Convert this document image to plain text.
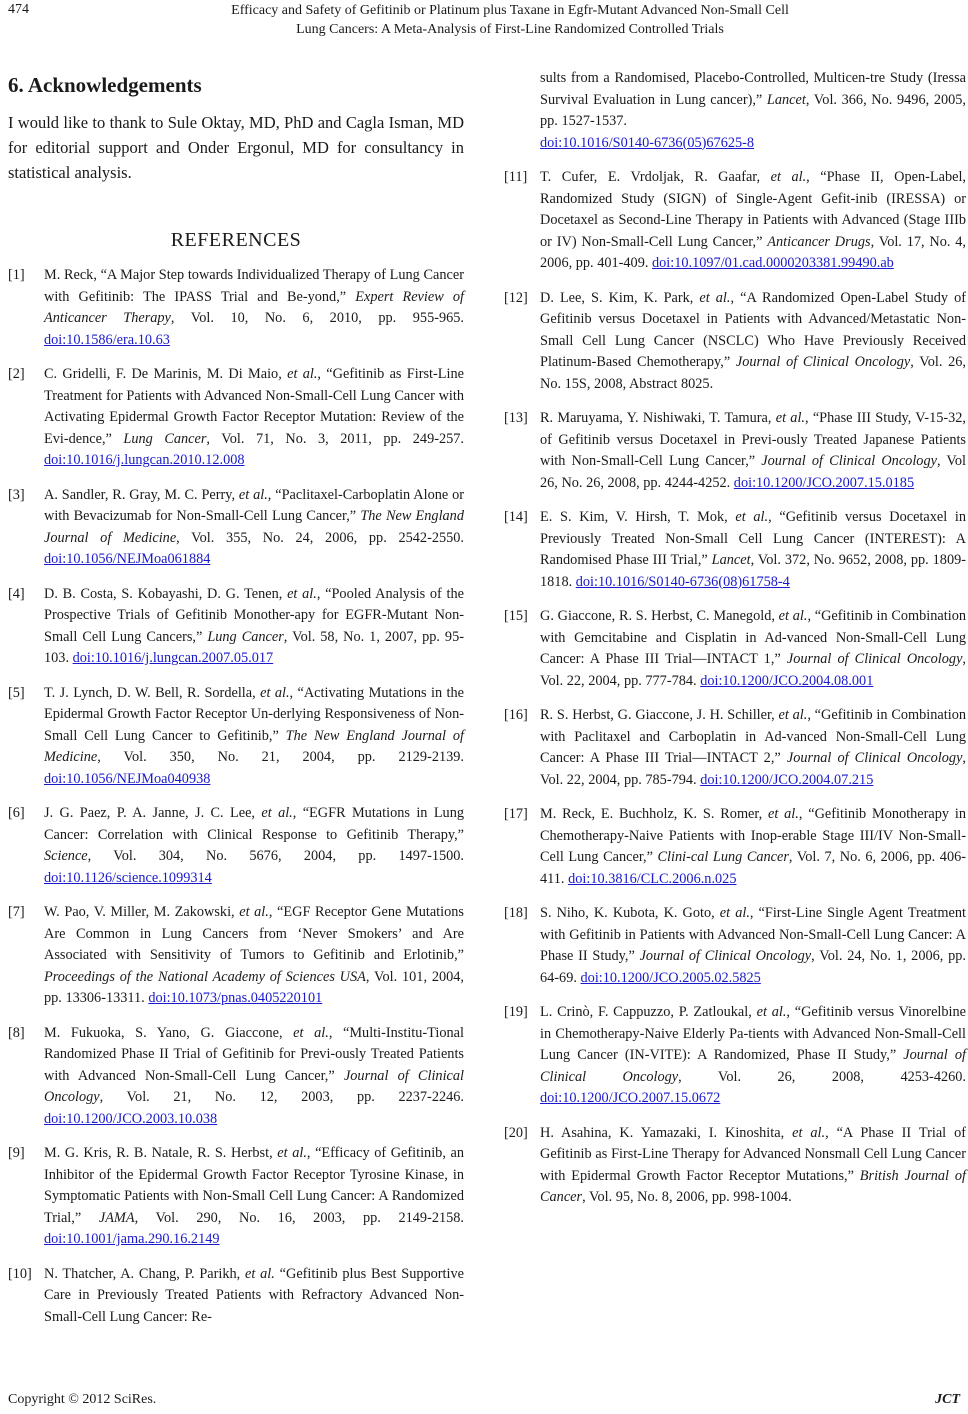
474	Efficacy and Safety of Gefitinib or Platinum plus Taxane in Egfr-Mutant Advanced Non-Small Cell
Lung Cancers: A Meta-Analysis of First-Line Randomized Controlled Trials
6. Acknowledgements

I would like to thank to Sule Oktay, MD, PhD and Cagla Isman, MD for editorial support and Onder Ergonul, MD for consultancy in statistical analysis.

REFERENCES
[1]	M. Reck, “A Major Step towards Individualized Therapy of Lung Cancer with Gefitinib: The IPASS Trial and Be-yond,” Expert Review of Anticancer Therapy, Vol. 10, No. 6, 2010, pp. 955-965. doi:10.1586/era.10.63
[2]	C. Gridelli, F. De Marinis, M. Di Maio, et al., “Gefitinib as First-Line Treatment for Patients with Advanced Non-Small-Cell Lung Cancer with Activating Epidermal Growth Factor Receptor Mutation: Review of the Evi-dence,” Lung Cancer, Vol. 71, No. 3, 2011, pp. 249-257. doi:10.1016/j.lungcan.2010.12.008
[3]	A. Sandler, R. Gray, M. C. Perry, et al., “Paclitaxel-Carboplatin Alone or with Bevacizumab for Non-Small-Cell Lung Cancer,” The New England Journal of Medicine, Vol. 355, No. 24, 2006, pp. 2542-2550. doi:10.1056/NEJMoa061884
[4]	D. B. Costa, S. Kobayashi, D. G. Tenen, et al., “Pooled Analysis of the Prospective Trials of Gefitinib Monother-apy for EGFR-Mutant Non-Small Cell Lung Cancers,” Lung Cancer, Vol. 58, No. 1, 2007, pp. 95-103. doi:10.1016/j.lungcan.2007.05.017
[5]	T. J. Lynch, D. W. Bell, R. Sordella, et al., “Activating Mutations in the Epidermal Growth Factor Receptor Un-derlying Responsiveness of Non-Small Cell Lung Cancer to Gefitinib,” The New England Journal of Medicine, Vol. 350, No. 21, 2004, pp. 2129-2139. doi:10.1056/NEJMoa040938
[6]	J. G. Paez, P. A. Janne, J. C. Lee, et al., “EGFR Mutations in Lung Cancer: Correlation with Clinical Response to Gefitinib Therapy,” Science, Vol. 304, No. 5676, 2004, pp. 1497-1500. doi:10.1126/science.1099314
[7]	W. Pao, V. Miller, M. Zakowski, et al., “EGF Receptor Gene Mutations Are Common in Lung Cancers from ‘Never Smokers’ and Are Associated with Sensitivity of Tumors to Gefitinib and Erlotinib,” Proceedings of the National Academy of Sciences USA, Vol. 101, 2004, pp. 13306-13311. doi:10.1073/pnas.0405220101
[8]	M. Fukuoka, S. Yano, G. Giaccone, et al., “Multi-Institu-Tional Randomized Phase II Trial of Gefitinib for Previ-ously Treated Patients with Advanced Non-Small-Cell Lung Cancer,” Journal of Clinical Oncology, Vol. 21, No. 12, 2003, pp. 2237-2246. doi:10.1200/JCO.2003.10.038
[9]	M. G. Kris, R. B. Natale, R. S. Herbst, et al., “Efficacy of Gefitinib, an Inhibitor of the Epidermal Growth Factor Receptor Tyrosine Kinase, in Symptomatic Patients with Non-Small Cell Lung Cancer: A Randomized Trial,” JAMA, Vol. 290, No. 16, 2003, pp. 2149-2158. doi:10.1001/jama.290.16.2149
[10] N. Thatcher, A. Chang, P. Parikh, et al. “Gefitinib plus Best Supportive Care in Previously Treated Patients with Refractory Advanced Non-Small-Cell Lung Cancer: Re-
sults from a Randomised, Placebo-Controlled, Multicen-tre Study (Iressa Survival Evaluation in Lung cancer),” Lancet, Vol. 366, No. 9496, 2005, pp. 1527-1537.
doi:10.1016/S0140-6736(05)67625-8
[11] T. Cufer, E. Vrdoljak, R. Gaafar, et al., “Phase II, Open-Label, Randomized Study (SIGN) of Single-Agent Gefit-inib (IRESSA) or Docetaxel as Second-Line Therapy in Patients with Advanced (Stage IIIb or IV) Non-Small-Cell Lung Cancer,” Anticancer Drugs, Vol. 17, No. 4, 2006, pp. 401-409. doi:10.1097/01.cad.0000203381.99490.ab
[12] D. Lee, S. Kim, K. Park, et al., “A Randomized Open-Label Study of Gefitinib versus Docetaxel in Patients with Advanced/Metastatic Non-Small Cell Lung Cancer (NSCLC) Who Have Previously Received Platinum-Based Chemotherapy,” Journal of Clinical Oncology, Vol. 26, No. 15S, 2008, Abstract 8025.
[13] R. Maruyama, Y. Nishiwaki, T. Tamura, et al., “Phase III Study, V-15-32, of Gefitinib versus Docetaxel in Previ-ously Treated Japanese Patients with Non-Small-Cell Lung Cancer,” Journal of Clinical Oncology, Vol 26, No. 26, 2008, pp. 4244-4252. doi:10.1200/JCO.2007.15.0185
[14] E. S. Kim, V. Hirsh, T. Mok, et al., “Gefitinib versus Docetaxel in Previously Treated Non-Small Cell Lung Cancer (INTEREST): A Randomised Phase III Trial,” Lancet, Vol. 372, No. 9652, 2008, pp. 1809-1818. doi:10.1016/S0140-6736(08)61758-4
[15] G. Giaccone, R. S. Herbst, C. Manegold, et al., “Gefitinib in Combination with Gemcitabine and Cisplatin in Ad-vanced Non-Small-Cell Lung Cancer: A Phase III Trial—INTACT 1,” Journal of Clinical Oncology, Vol. 22, 2004, pp. 777-784. doi:10.1200/JCO.2004.08.001
[16] R. S. Herbst, G. Giaccone, J. H. Schiller, et al., “Gefitinib in Combination with Paclitaxel and Carboplatin in Ad-vanced Non-Small-Cell Lung Cancer: A Phase III Trial—INTACT 2,” Journal of Clinical Oncology, Vol. 22, 2004, pp. 785-794. doi:10.1200/JCO.2004.07.215
[17] M. Reck, E. Buchholz, K. S. Romer, et al., “Gefitinib Monotherapy in Chemotherapy-Naive Patients with Inop-erable Stage III/IV Non-Small-Cell Lung Cancer,” Clini-cal Lung Cancer, Vol. 7, No. 6, 2006, pp. 406-411. doi:10.3816/CLC.2006.n.025
[18] S. Niho, K. Kubota, K. Goto, et al., “First-Line Single Agent Treatment with Gefitinib in Patients with Advanced Non-Small-Cell Lung Cancer: A Phase II Study,” Journal of Clinical Oncology, Vol. 24, No. 1, 2006, pp. 64-69. doi:10.1200/JCO.2005.02.5825
[19] L. Crinò, F. Cappuzzo, P. Zatloukal, et al., “Gefitinib versus Vinorelbine in Chemotherapy-Naive Elderly Pa-tients with Advanced Non-Small-Cell Lung Cancer (IN-VITE): A Randomized, Phase II Study,” Journal of Clinical Oncology, Vol. 26, 2008, 4253-4260. doi:10.1200/JCO.2007.15.0672
[20] H. Asahina, K. Yamazaki, I. Kinoshita, et al., “A Phase II Trial of Gefitinib as First-Line Therapy for Advanced Nonsmall Cell Lung Cancer with Epidermal Growth Factor Receptor Mutations,” British Journal of Cancer, Vol. 95, No. 8, 2006, pp. 998-1004.
Copyright © 2012 SciRes.	JCT
